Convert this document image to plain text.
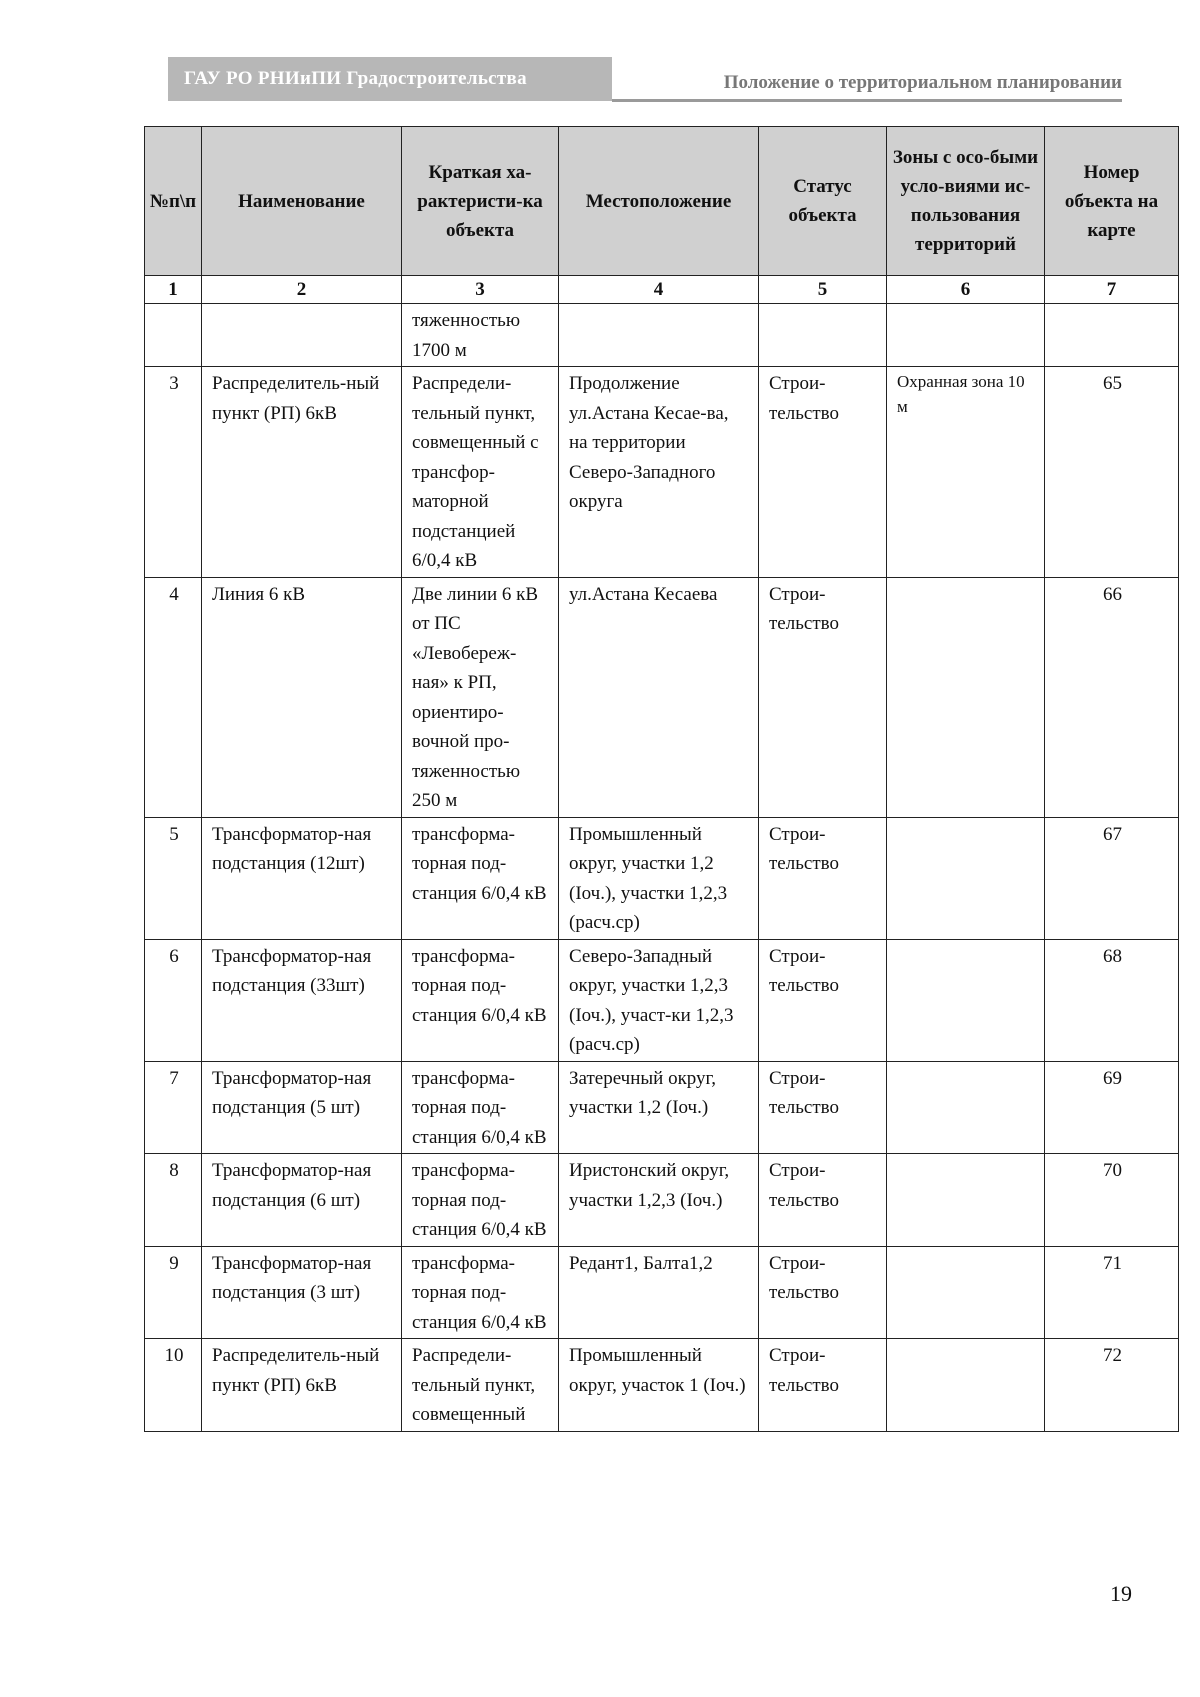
ГАУ РО РНИиПИ Градостроительства	Положение о территориальном планировании
№п\п	Наименование	Краткая ха-рактеристи-ка объекта	Местоположение	Статус объекта	Зоны с осо-быми усло-виями ис-пользования территорий	Номер объекта на карте
1	2	3	4	5	6	7
		тяженностью 1700 м				
3	Распределитель-ный пункт (РП) 6кВ	Распредели-тельный пункт, совмещенный с трансфор-маторной подстанцией 6/0,4 кВ	Продолжение ул.Астана Кесае-ва, на территории Северо-Западного округа	Строи-тельство	Охранная зона 10 м	65
4	Линия 6 кВ	Две линии 6 кВ от ПС «Левобереж-ная» к РП, ориентиро-вочной про-тяженностью 250 м	ул.Астана Кесаева	Строи-тельство		66
5	Трансформатор-ная подстанция (12шт)	трансформа-торная под-станция 6/0,4 кВ	Промышленный округ, участки 1,2 (Iоч.), участки 1,2,3 (расч.ср)	Строи-тельство		67
6	Трансформатор-ная подстанция (33шт)	трансформа-торная под-станция 6/0,4 кВ	Северо-Западный округ, участки 1,2,3 (Iоч.), участ-ки 1,2,3 (расч.ср)	Строи-тельство		68
7	Трансформатор-ная подстанция (5 шт)	трансформа-торная под-станция 6/0,4 кВ	Затеречный округ, участки 1,2 (Iоч.)	Строи-тельство		69
8	Трансформатор-ная подстанция (6 шт)	трансформа-торная под-станция 6/0,4 кВ	Иристонский округ, участки 1,2,3 (Iоч.)	Строи-тельство		70
9	Трансформатор-ная подстанция (3 шт)	трансформа-торная под-станция 6/0,4 кВ	Редант1, Балта1,2	Строи-тельство		71
10	Распределитель-ный пункт (РП) 6кВ	Распредели-тельный пункт, совмещенный	Промышленный округ, участок 1 (Iоч.)	Строи-тельство		72
19
